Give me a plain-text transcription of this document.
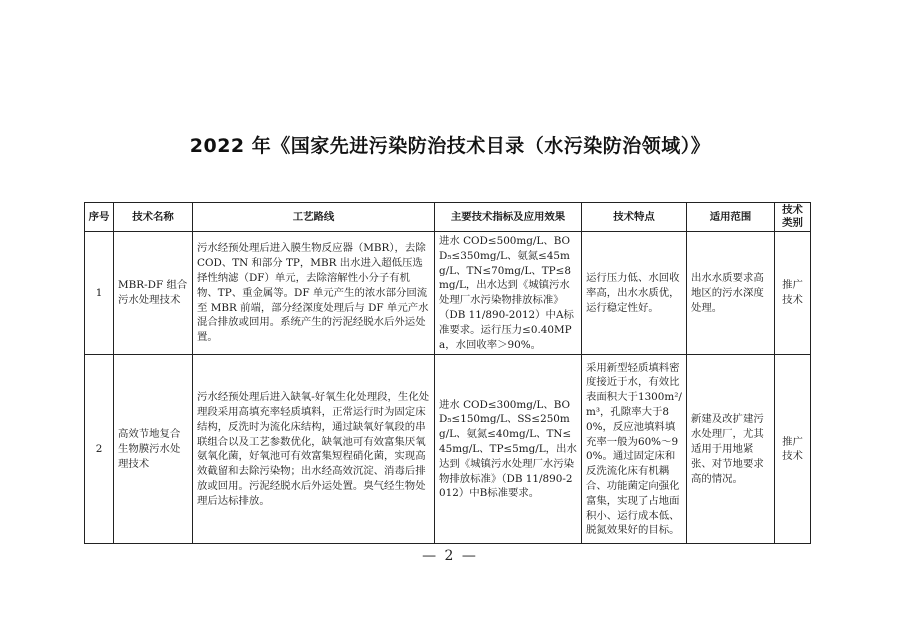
2022 年《国家先进污染防治技术目录（水污染防治领域）》
序号	技术名称	工艺路线	主要技术指标及应用效果	技术特点	适用范围	技术类别
1	MBR-DF 组合污水处理技术	污水经预处理后进入膜生物反应器（MBR），去除 COD、TN 和部分 TP，MBR 出水进入超低压选择性纳滤（DF）单元，去除溶解性小分子有机物、TP、重金属等。DF 单元产生的浓水部分回流至 MBR 前端，部分经深度处理后与 DF 单元产水混合排放或回用。系统产生的污泥经脱水后外运处置。	进水 COD≤500mg/L、BOD₅≤350mg/L、氨氮≤45mg/L、TN≤70mg/L、TP≤8mg/L，出水达到《城镇污水处理厂水污染物排放标准》（DB 11/890-2012）中A标准要求。运行压力≤0.40MPa，水回收率＞90%。	运行压力低、水回收率高，出水水质优，运行稳定性好。	出水水质要求高地区的污水深度处理。	推广技术
2	高效节地复合生物膜污水处理技术	污水经预处理后进入缺氧-好氧生化处理段，生化处理段采用高填充率轻质填料，正常运行时为固定床结构，反洗时为流化床结构，通过缺氧好氧段的串联组合以及工艺参数优化，缺氧池可有效富集厌氧氨氧化菌，好氧池可有效富集短程硝化菌，实现高效截留和去除污染物；出水经高效沉淀、消毒后排放或回用。污泥经脱水后外运处置。臭气经生物处理后达标排放。	进水 COD≤300mg/L、BOD₅≤150mg/L、SS≤250mg/L、氨氮≤40mg/L、TN≤45mg/L、TP≤5mg/L，出水达到《城镇污水处理厂水污染物排放标准》（DB 11/890-2012）中B标准要求。	采用新型轻质填料密度接近于水，有效比表面积大于1300m²/m³，孔隙率大于80%，反应池填料填充率一般为60%～90%。通过固定床和反洗流化床有机耦合、功能菌定向强化富集，实现了占地面积小、运行成本低、脱氮效果好的目标。	新建及改扩建污水处理厂，尤其适用于用地紧张、对节地要求高的情况。	推广技术
— 2 —
